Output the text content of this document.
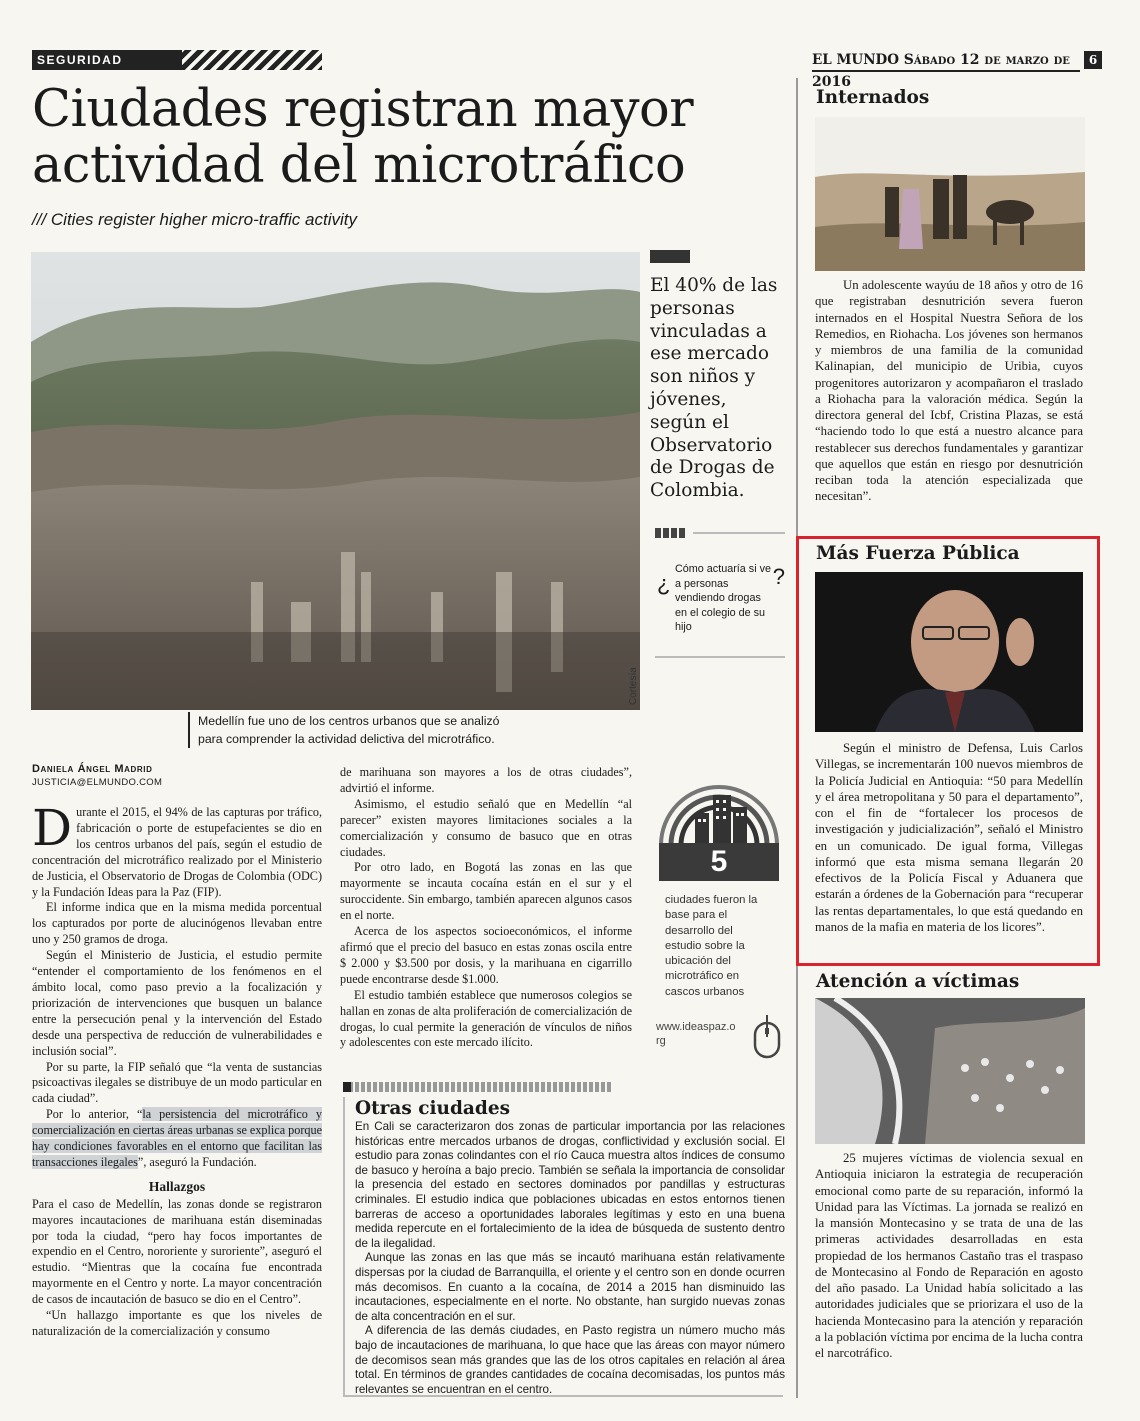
SEGURIDAD	EL MUNDO Sábado 12 de marzo de 2016
6
Ciudades registran mayor
actividad del microtráfico
/// Cities register higher micro-traffic activity
Cortesía
Medellín fue uno de los centros urbanos que se analizó
para comprender la actividad delictiva del microtráfico.

El 40% de las personas vinculadas a ese mercado son niños y jóvenes, según el Observatorio de Drogas de Colombia.

¿
Cómo actuaría si ve a personas vendiendo drogas en el colegio de su hijo
?
Daniela Ángel Madrid
JUSTICIA@ELMUNDO.COM

Durante el 2015, el 94% de las capturas por tráfico, fabricación o porte de estupefacientes se dio en los centros urbanos del país, según el estudio de concentración del microtráfico realizado por el Ministerio de Justicia, el Observatorio de Drogas de Colombia (ODC) y la Fundación Ideas para la Paz (FIP).

El informe indica que en la misma medida porcentual los capturados por porte de alucinógenos llevaban entre uno y 250 gramos de droga.

Según el Ministerio de Justicia, el estudio permite “entender el comportamiento de los fenómenos en el ámbito local, como paso previo a la focalización y priorización de intervenciones que busquen un balance entre la persecución penal y la intervención del Estado desde una perspectiva de reducción de vulnerabilidades e inclusión social”.

Por su parte, la FIP señaló que “la venta de sustancias psicoactivas ilegales se distribuye de un modo particular en cada ciudad”.

Por lo anterior, “la persistencia del microtráfico y comercialización en ciertas áreas urbanas se explica porque hay condiciones favorables en el entorno que facilitan las transacciones ilegales”, aseguró la Fundación.

Hallazgos

Para el caso de Medellín, las zonas donde se registraron mayores incautaciones de marihuana están diseminadas por toda la ciudad, “pero hay focos importantes de expendio en el Centro, nororiente y suroriente”, aseguró el estudio. “Mientras que la cocaína fue encontrada mayormente en el Centro y norte. La mayor concentración de casos de incautación de basuco se dio en el Centro”.

“Un hallazgo importante es que los niveles de naturalización de la comercialización y consumo

de marihuana son mayores a los de otras ciudades”, advirtió el informe.

Asimismo, el estudio señaló que en Medellín “al parecer” existen mayores limitaciones sociales a la comercialización y consumo de basuco que en otras ciudades.

Por otro lado, en Bogotá las zonas en las que mayormente se incauta cocaína están en el sur y el suroccidente. Sin embargo, también aparecen algunos casos en el norte.

Acerca de los aspectos socioeconómicos, el informe afirmó que el precio del basuco en estas zonas oscila entre $ 2.000 y $3.500 por dosis, y la marihuana en cigarrillo puede encontrarse desde $1.000.

El estudio también establece que numerosos colegios se hallan en zonas de alta proliferación de comercialización de drogas, lo cual permite la generación de vínculos de niños y adolescentes con este mercado ilícito.

5
ciudades fueron la base para el desarrollo del estudio sobre la ubicación del microtráfico en cascos urbanos
www.ideaspaz.org
Otras ciudades

En Cali se caracterizaron dos zonas de particular importancia por las relaciones históricas entre mercados urbanos de drogas, conflictividad y exclusión social. El estudio para zonas colindantes con el río Cauca muestra altos índices de consumo de basuco y heroína a bajo precio. También se señala la importancia de consolidar la presencia del estado en sectores dominados por pandillas y estructuras criminales. El estudio indica que poblaciones ubicadas en estos entornos tienen barreras de acceso a oportunidades laborales legítimas y esto en una buena medida repercute en el fortalecimiento de la idea de búsqueda de sustento dentro de la ilegalidad.

Aunque las zonas en las que más se incautó marihuana están relativamente dispersas por la ciudad de Barranquilla, el oriente y el centro son en donde ocurren más decomisos. En cuanto a la cocaína, de 2014 a 2015 han disminuido las incautaciones, especialmente en el norte. No obstante, han surgido nuevas zonas de alta concentración en el sur.

A diferencia de las demás ciudades, en Pasto registra un número mucho más bajo de incautaciones de marihuana, lo que hace que las áreas con mayor número de decomisos sean más grandes que las de los otros capitales en relación al área total. En términos de grandes cantidades de cocaína decomisadas, los puntos más relevantes se encuentran en el centro.

Internados

Un adolescente wayúu de 18 años y otro de 16 que registraban desnutrición severa fueron internados en el Hospital Nuestra Señora de los Remedios, en Riohacha. Los jóvenes son hermanos y miembros de una familia de la comunidad Kalinapian, del municipio de Uribia, cuyos progenitores autorizaron y acompañaron el traslado a Riohacha para la valoración médica. Según la directora general del Icbf, Cristina Plazas, se está “haciendo todo lo que está a nuestro alcance para restablecer sus derechos fundamentales y garantizar que aquellos que están en riesgo por desnutrición reciban toda la atención especializada que necesitan”.

Más Fuerza Pública

Según el ministro de Defensa, Luis Carlos Villegas, se incrementarán 100 nuevos miembros de la Policía Judicial en Antioquia: “50 para Medellín y el área metropolitana y 50 para el departamento”, con el fin de “fortalecer los procesos de investigación y judicialización”, señaló el Ministro en un comunicado. De igual forma, Villegas informó que esta misma semana llegarán 20 efectivos de la Policía Fiscal y Aduanera que estarán a órdenes de la Gobernación para “recuperar las rentas departamentales, lo que está quedando en manos de la mafia en materia de los licores”.

Atención a víctimas

25 mujeres víctimas de violencia sexual en Antioquia iniciaron la estrategia de recuperación emocional como parte de su reparación, informó la Unidad para las Víctimas. La jornada se realizó en la mansión Montecasino y se trata de una de las primeras actividades desarrolladas en esta propiedad de los hermanos Castaño tras el traspaso de Montecasino al Fondo de Reparación en agosto del año pasado. La Unidad había solicitado a las autoridades judiciales que se priorizara el uso de la hacienda Montecasino para la atención y reparación a la población víctima por encima de la lucha contra el narcotráfico.
